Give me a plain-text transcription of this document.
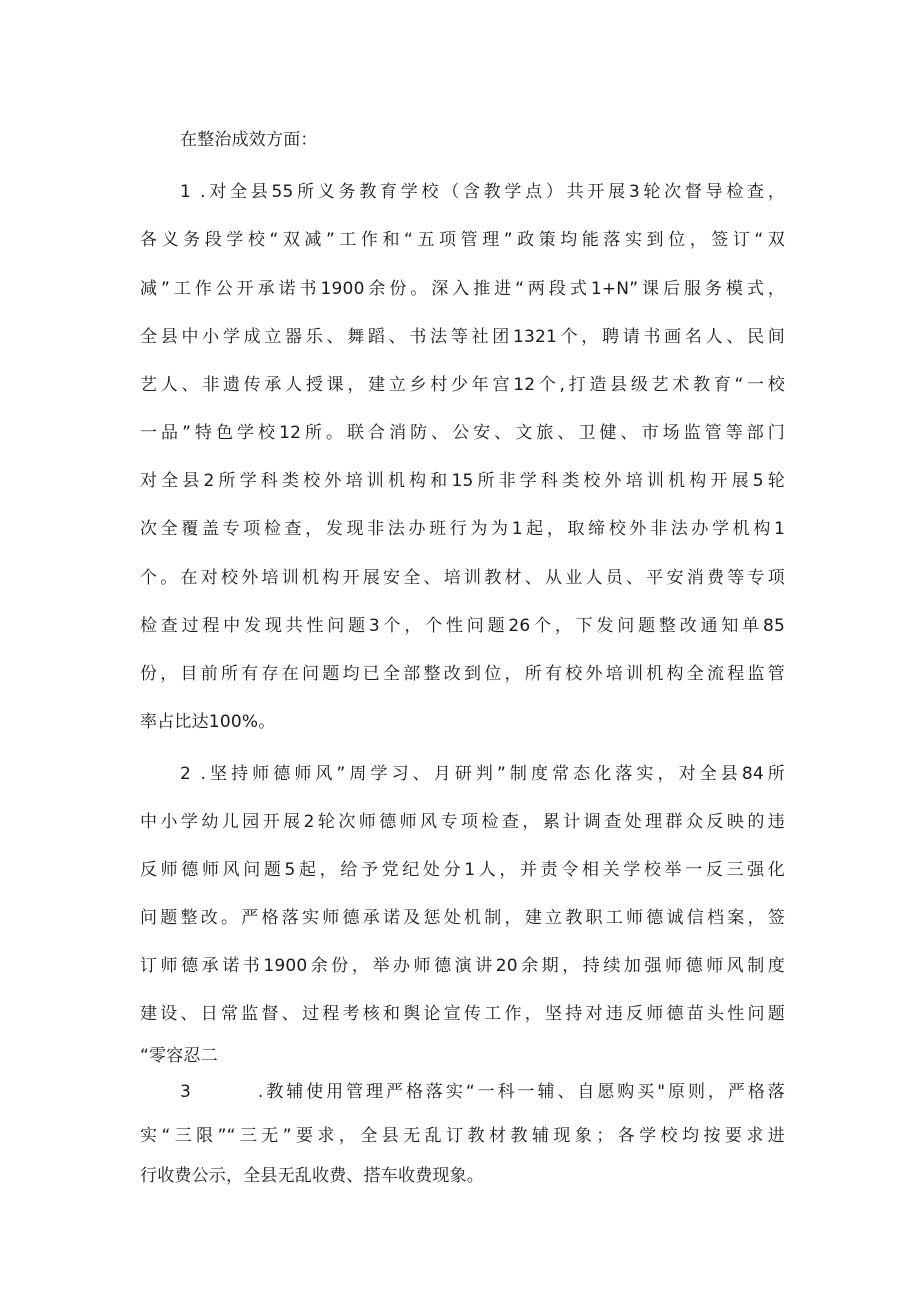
在整治成效方面：
1 .对全县55所义务教育学校（含教学点）共开展3轮次督导检查，
各义务段学校“双减”工作和“五项管理”政策均能落实到位，签订“双
减”工作公开承诺书1900余份。深入推进“两段式1+N”课后服务模式，
全县中小学成立器乐、舞蹈、书法等社团1321个，聘请书画名人、民间
艺人、非遗传承人授课，建立乡村少年宫12个,打造县级艺术教育“一校
一品”特色学校12所。联合消防、公安、文旅、卫健、市场监管等部门
对全县2所学科类校外培训机构和15所非学科类校外培训机构开展5轮
次全覆盖专项检查，发现非法办班行为为1起，取缔校外非法办学机构1
个。在对校外培训机构开展安全、培训教材、从业人员、平安消费等专项
检查过程中发现共性问题3个，个性问题26个，下发问题整改通知单85
份，目前所有存在问题均已全部整改到位，所有校外培训机构全流程监管
率占比达100%。
2 .坚持师德师风”周学习、月研判”制度常态化落实，对全县84所
中小学幼儿园开展2轮次师德师风专项检查，累计调查处理群众反映的违
反师德师风问题5起，给予党纪处分1人，并责令相关学校举一反三强化
问题整改。严格落实师德承诺及惩处机制，建立教职工师德诚信档案，签
订师德承诺书1900余份，举办师德演讲20余期，持续加强师德师风制度
建设、日常监督、过程考核和舆论宣传工作，坚持对违反师德苗头性问题
“零容忍二
3        .教辅使用管理严格落实“一科一辅、自愿购买"原则，严格落
实“三限”“三无”要求，全县无乱订教材教辅现象；各学校均按要求进
行收费公示，全县无乱收费、搭车收费现象。
